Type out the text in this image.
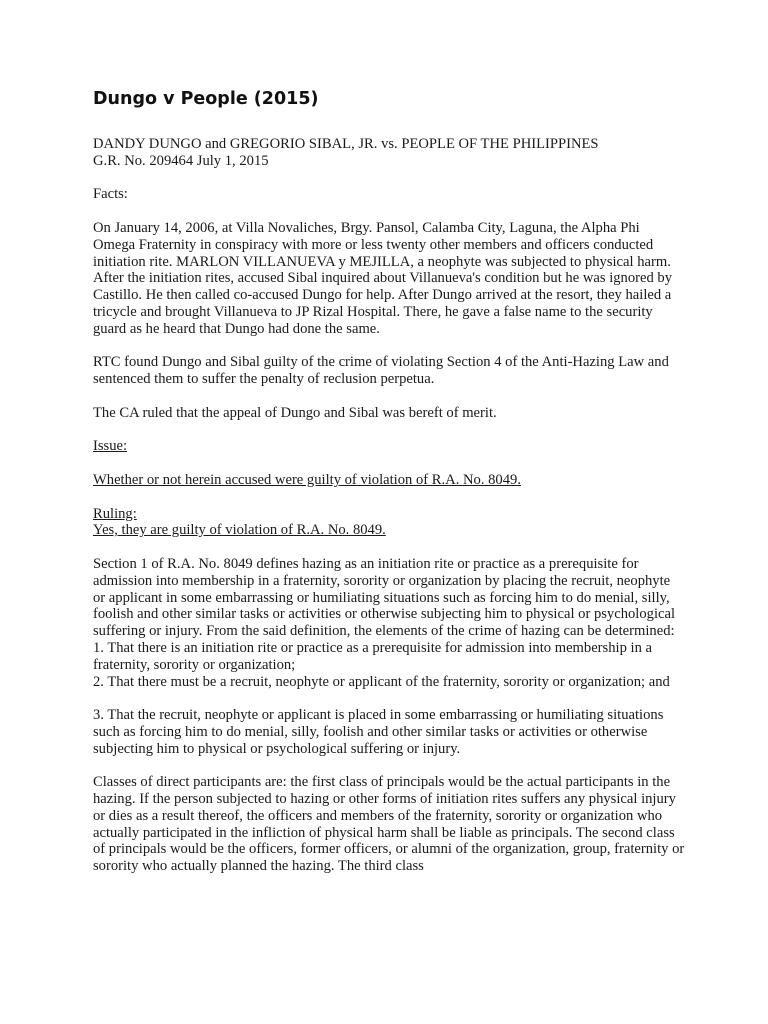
Dungo v People (2015)

DANDY DUNGO and GREGORIO SIBAL, JR. vs. PEOPLE OF THE PHILIPPINES
G.R. No. 209464 July 1, 2015

Facts:

On January 14, 2006, at Villa Novaliches, Brgy. Pansol, Calamba City, Laguna, the Alpha Phi Omega Fraternity in conspiracy with more or less twenty other members and officers conducted initiation rite. MARLON VILLANUEVA y MEJILLA, a neophyte was subjected to physical harm.

After the initiation rites, accused Sibal inquired about Villanueva's condition but he was ignored by Castillo. He then called co-accused Dungo for help. After Dungo arrived at the resort, they hailed a tricycle and brought Villanueva to JP Rizal Hospital. There, he gave a false name to the security guard as he heard that Dungo had done the same.

RTC found Dungo and Sibal guilty of the crime of violating Section 4 of the Anti-Hazing Law and sentenced them to suffer the penalty of reclusion perpetua.

The CA ruled that the appeal of Dungo and Sibal was bereft of merit.

Issue:

Whether or not herein accused were guilty of violation of R.A. No. 8049.

Ruling:
Yes, they are guilty of violation of R.A. No. 8049.

Section 1 of R.A. No. 8049 defines hazing as an initiation rite or practice as a prerequisite for admission into membership in a fraternity, sorority or organization by placing the recruit, neophyte or applicant in some embarrassing or humiliating situations such as forcing him to do menial, silly, foolish and other similar tasks or activities or otherwise subjecting him to physical or psychological suffering or injury. From the said definition, the elements of the crime of hazing can be determined:

1. That there is an initiation rite or practice as a prerequisite for admission into membership in a fraternity, sorority or organization;

2. That there must be a recruit, neophyte or applicant of the fraternity, sorority or organization; and

3. That the recruit, neophyte or applicant is placed in some embarrassing or humiliating situations such as forcing him to do menial, silly, foolish and other similar tasks or activities or otherwise subjecting him to physical or psychological suffering or injury.

Classes of direct participants are: the first class of principals would be the actual participants in the hazing. If the person subjected to hazing or other forms of initiation rites suffers any physical injury or dies as a result thereof, the officers and members of the fraternity, sorority or organization who actually participated in the infliction of physical harm shall be liable as principals. The second class of principals would be the officers, former officers, or alumni of the organization, group, fraternity or sorority who actually planned the hazing. The third class
